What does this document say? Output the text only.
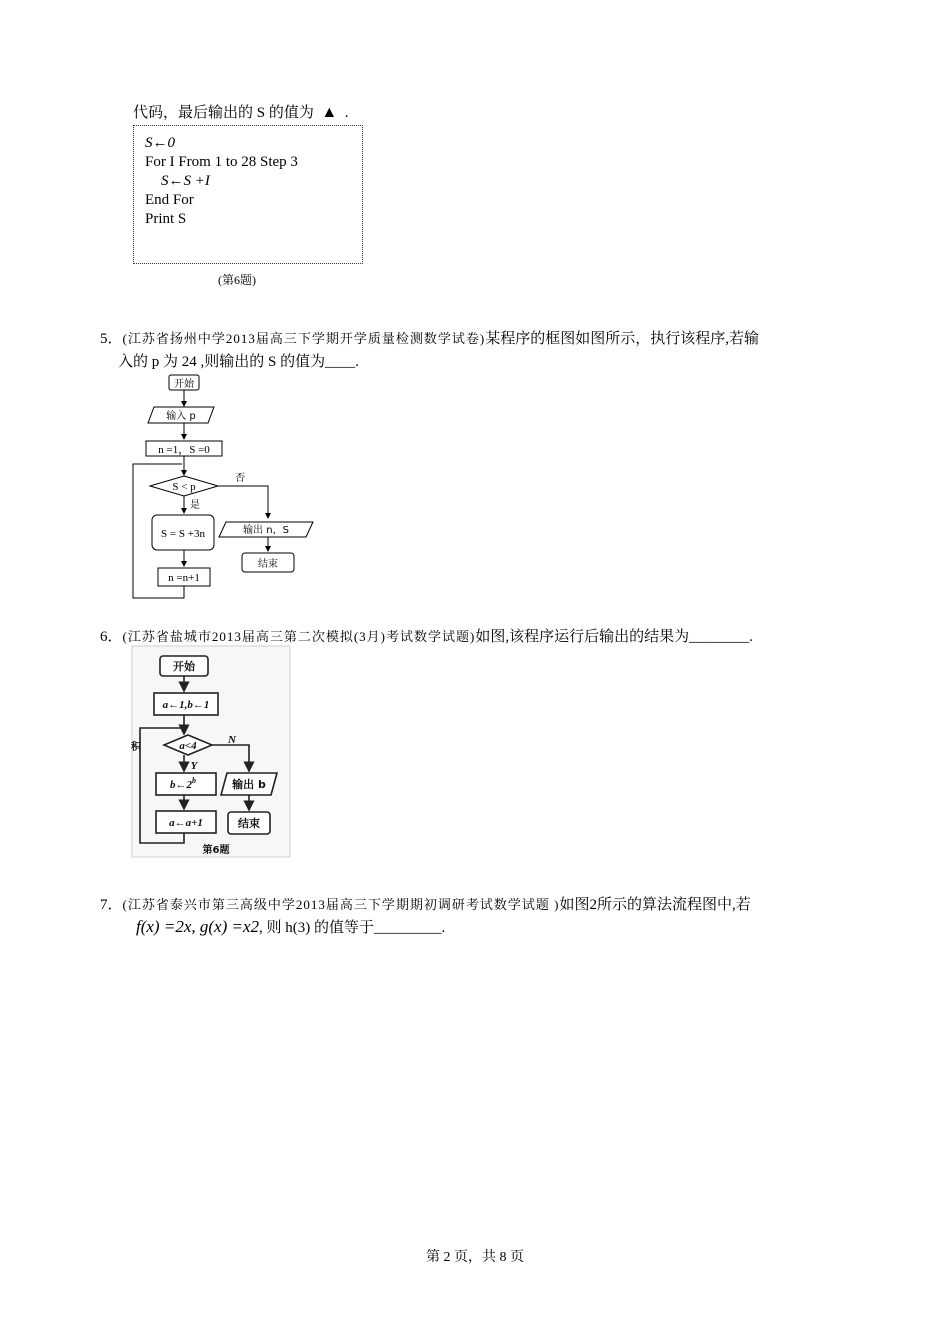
代码，最后输出的 S 的值为 ▲ .
S←0
For I From 1 to 28 Step 3
S←S +I
End For
Print S
(第6题)
5．(江苏省扬州中学2013届高三下学期开学质量检测数学试卷)某程序的框图如图所示，执行该程序,若输
入的 p 为 24 ,则输出的 S 的值为____.
开始
输入 p
n =1，S =0
S < p
是
否
S = S +3n
n =n+1
输出 n，S
结束
6．(江苏省盐城市2013届高三第二次模拟(3月)考试数学试题)如图,该程序运行后输出的结果为________.
开始
a←1,b←1
a<4
b←2$^b$
a←a+1
输出 b
结束
Y
N
第6题
积
7．(江苏省泰兴市第三高级中学2013届高三下学期期初调研考试数学试题 )如图2所示的算法流程图中,若
f(x) =2x, g(x) =x2, 则 h(3) 的值等于_________.
第 2 页，共 8 页
